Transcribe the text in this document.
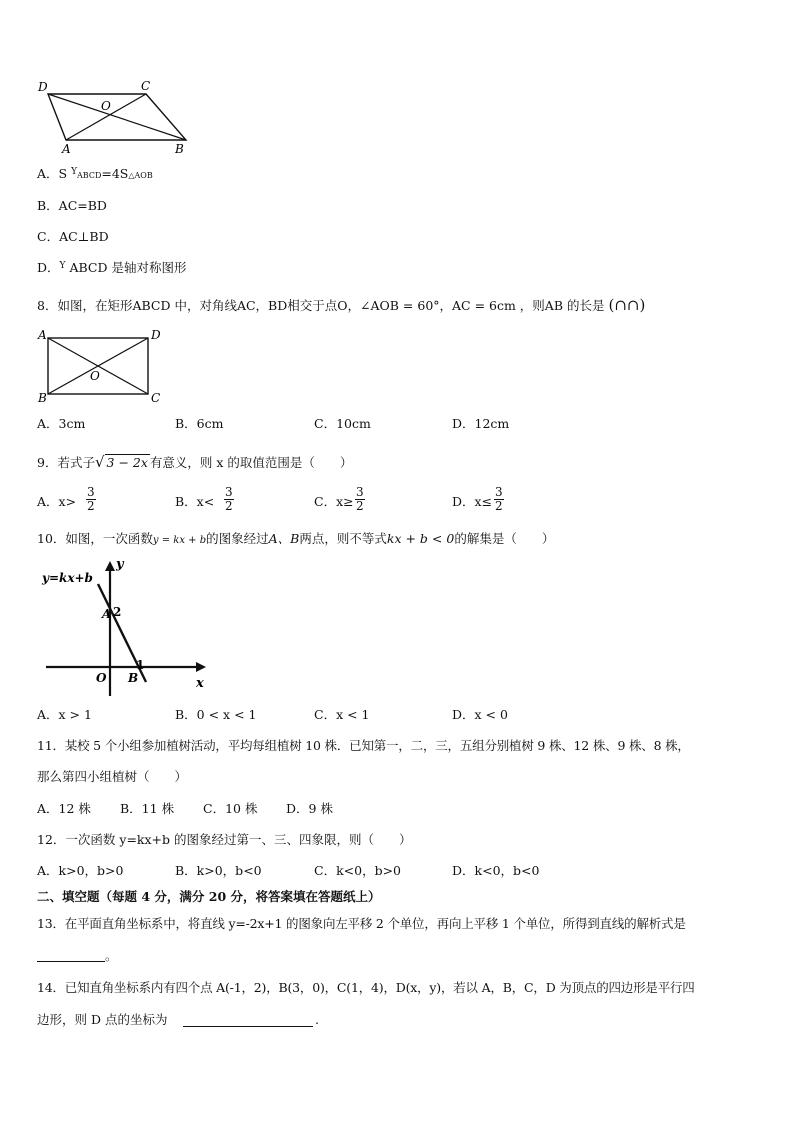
D	C
O
A	B
A．S $^Y$ABCD=4S△AOB
B．AC=BD
C．AC⊥BD
D．$^Y$ ABCD 是轴对称图形
8．如图，在矩形ABCD 中，对角线AC，BD相交于点O，∠AOB = 60°，AC = 6cm ，则AB 的长是 (∩∩)
A	D
O
B	C
A．3cm	B．6cm	C．10cm	D．12cm
9．若式子√ 3 − 2x 有意义，则 x 的取值范围是（　　）
A．$x> \frac{3}{2}$	B．$x< \frac{3}{2}$	C．$x\ge \frac{3}{2}$	D．$x\le \frac{3}{2}$
10．如图，一次函数y = kx + b的图象经过A、B两点，则不等式kx + b < 0的解集是（　　）
y=kx+b
y
x
A 2
O B
1
A．x > 1	B．0 < x < 1	C．x < 1	D．x < 0
11．某校 5 个小组参加植树活动，平均每组植树 10 株．已知第一，二，三，五组分别植树 9 株、12 株、9 株、8 株，
那么第四小组植树（　　）
A．12 株 B．11 株 C．10 株 D．9 株
12．一次函数 y=kx+b 的图象经过第一、三、四象限，则（　　）
A．k>0，b>0	B．k>0，b<0	C．k<0，b>0	D．k<0，b<0
二、填空题（每题 4 分，满分 20 分，将答案填在答题纸上）
13．在平面直角坐标系中，将直线 y=-2x+1 的图象向左平移 2 个单位，再向上平移 1 个单位，所得到直线的解析式是
。
14．已知直角坐标系内有四个点 A(-1，2)，B(3，0)，C(1，4)，D(x，y)，若以 A，B，C，D 为顶点的四边形是平行四
边形，则 D 点的坐标为	.
